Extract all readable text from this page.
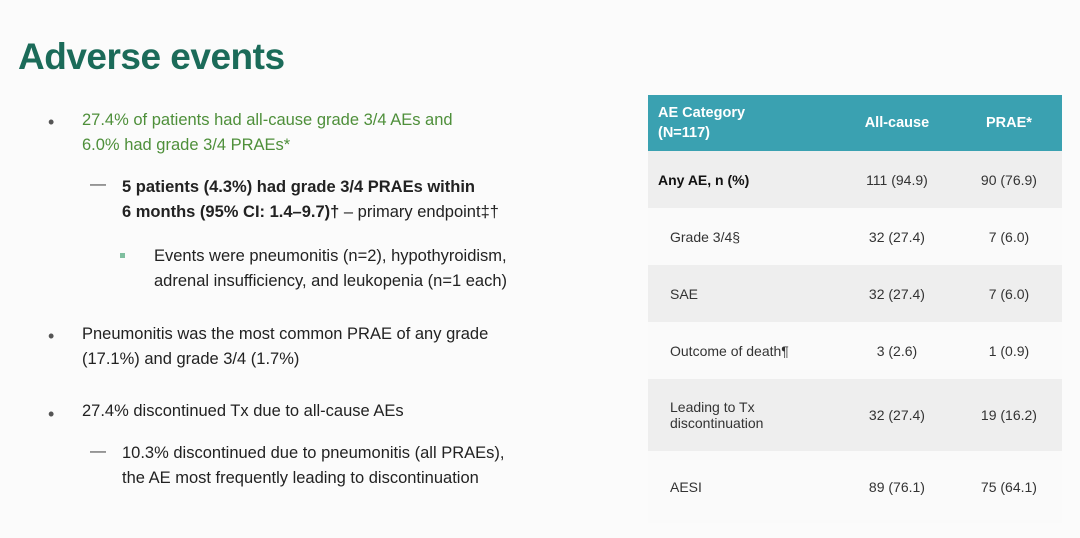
Adverse events
• 27.4% of patients had all-cause grade 3/4 AEs and
6.0% had grade 3/4 PRAEs*
— 5 patients (4.3%) had grade 3/4 PRAEs within
6 months (95% CI: 1.4–9.7)† – primary endpoint‡†
Events were pneumonitis (n=2), hypothyroidism,
adrenal insufficiency, and leukopenia (n=1 each)
• Pneumonitis was the most common PRAE of any grade
(17.1%) and grade 3/4 (1.7%)
• 27.4% discontinued Tx due to all-cause AEs
— 10.3% discontinued due to pneumonitis (all PRAEs),
the AE most frequently leading to discontinuation
AE Category
(N=117)	All-cause	PRAE*
Any AE, n (%)	111 (94.9)	90 (76.9)
Grade 3/4§	32 (27.4)	7 (6.0)
SAE	32 (27.4)	7 (6.0)
Outcome of death¶	3 (2.6)	1 (0.9)

Leading to Tx
discontinuation	32 (27.4)	19 (16.2)
AESI	89 (76.1)	75 (64.1)
